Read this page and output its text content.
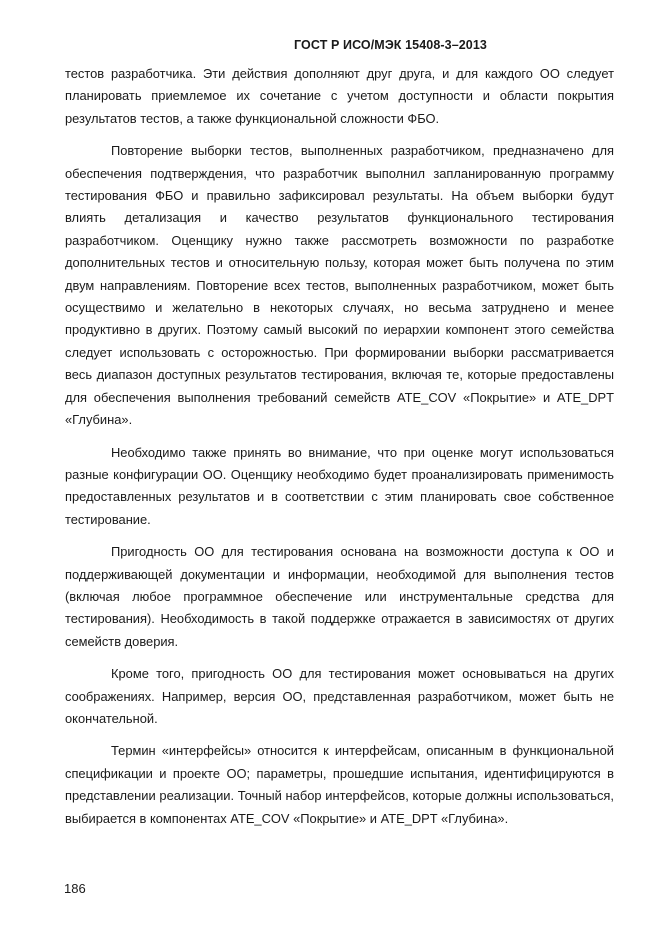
ГОСТ Р ИСО/МЭК 15408-3–2013

тестов разработчика. Эти действия дополняют друг друга, и для каждого ОО следует планировать приемлемое их сочетание с учетом доступности и области покрытия результатов тестов, а также функциональной сложности ФБО.

Повторение выборки тестов, выполненных разработчиком, предназначено для обеспечения подтверждения, что разработчик выполнил запланированную программу тестирования ФБО и правильно зафиксировал результаты. На объем выборки будут влиять детализация и качество результатов функционального тестирования разработчиком. Оценщику нужно также рассмотреть возможности по разработке дополнительных тестов и относительную пользу, которая может быть получена по этим двум направлениям. Повторение всех тестов, выполненных разработчиком, может быть осуществимо и желательно в некоторых случаях, но весьма затруднено и менее продуктивно в других. Поэтому самый высокий по иерархии компонент этого семейства следует использовать с осторожностью. При формировании выборки рассматривается весь диапазон доступных результатов тестирования, включая те, которые предоставлены для обеспечения выполнения требований семейств ATE_COV «Покрытие» и ATE_DPT «Глубина».

Необходимо также принять во внимание, что при оценке могут использоваться разные конфигурации ОО. Оценщику необходимо будет проанализировать применимость предоставленных результатов и в соответствии с этим планировать свое собственное тестирование.

Пригодность ОО для тестирования основана на возможности доступа к ОО и поддерживающей документации и информации, необходимой для выполнения тестов (включая любое программное обеспечение или инструментальные средства для тестирования). Необходимость в такой поддержке отражается в зависимостях от других семейств доверия.

Кроме того, пригодность ОО для тестирования может основываться на других соображениях. Например, версия ОО, представленная разработчиком, может быть не окончательной.

Термин «интерфейсы» относится к интерфейсам, описанным в функциональной спецификации и проекте ОО; параметры, прошедшие испытания, идентифицируются в представлении реализации. Точный набор интерфейсов, которые должны использоваться, выбирается в компонентах ATE_COV «Покрытие» и ATE_DPT «Глубина».

186
